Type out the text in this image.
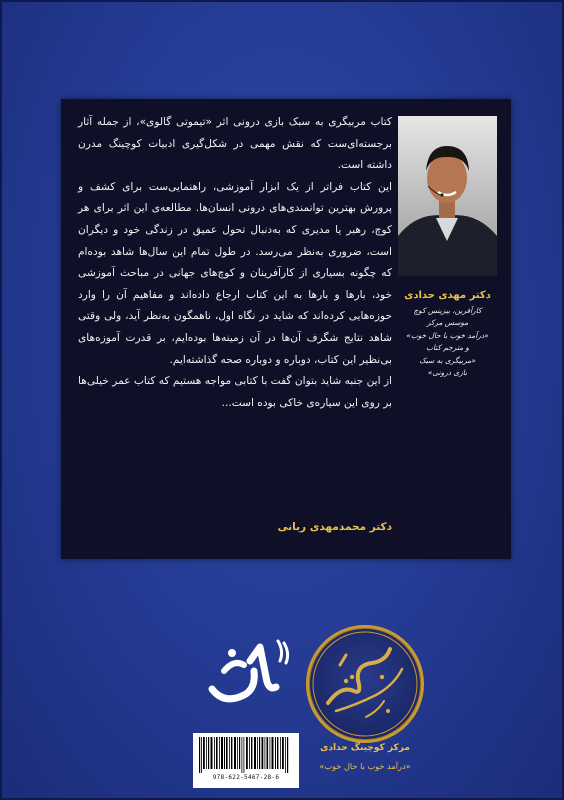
کتاب مربیگری به سبک بازی درونی اثر «تیموتی گالوی»، از جمله آثار برجسته‌ای‌ست که نقش مهمی در شکل‌گیری ادبیات کوچینگ مدرن داشته است.

این کتاب فراتر از یک ابزار آموزشی، راهنمایی‌ست برای کشف و پرورش بهترین توانمندی‌های درونی انسان‌ها. مطالعه‌ی این اثر برای هر کوچ، رهبر یا مدیری که به‌دنبال تحول عمیق در زندگی خود و دیگران است، ضروری به‌نظر می‌رسد. در طول تمام این سال‌ها شاهد بوده‌ام که چگونه بسیاری از کارآفرینان و کوچ‌های جهانی در مباحث آموزشی خود، بارها و بارها به این کتاب ارجاع داده‌اند و مفاهیم آن را وارد حوزه‌هایی کرده‌اند که شاید در نگاه اول، ناهمگون به‌نظر آید، ولی وقتی شاهد نتایج شگرف آن‌ها در آن زمینه‌ها بوده‌ایم، بر قدرت آموزه‌های بی‌نظیر این کتاب، دوباره و دوباره صحه گذاشته‌ایم.

از این جنبه شاید بتوان گفت با کتابی مواجه هستیم که کتاب عمر خیلی‌ها بر روی این سیاره‌ی خاکی بوده است...

دکتر محمدمهدی ربانی
دکتر مهدی حدادی
کارآفرین، بیزینس کوچ
موسس مرکز
«درآمد خوب با حال خوب»
و مترجم کتاب
«مربیگری به سبک
بازی درونی»
مرکز کوچینگ حدادی
«درآمد خوب با حال خوب»
978-622-5467-28-6
